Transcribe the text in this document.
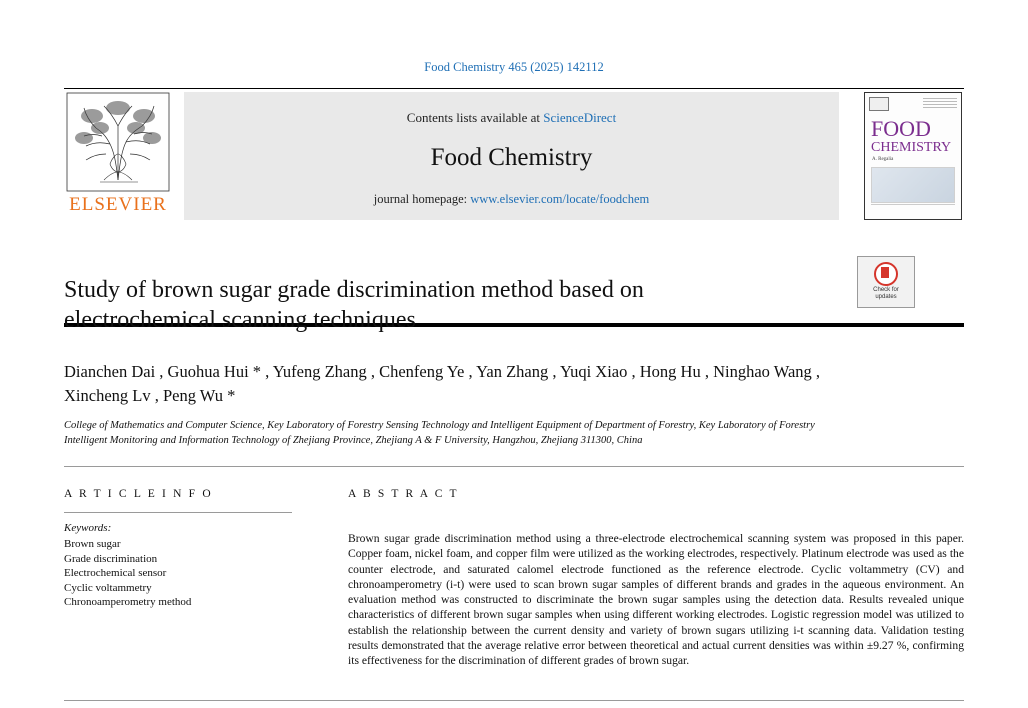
Food Chemistry 465 (2025) 142112
ELSEVIER
Contents lists available at ScienceDirect
Food Chemistry
journal homepage: www.elsevier.com/locate/foodchem
FOOD
CHEMISTRY
A. Regalia
Check for
updates
Study of brown sugar grade discrimination method based on electrochemical scanning techniques
Dianchen Dai , Guohua Hui * , Yufeng Zhang , Chenfeng Ye , Yan Zhang , Yuqi Xiao , Hong Hu , Ninghao Wang , Xincheng Lv , Peng Wu *
College of Mathematics and Computer Science, Key Laboratory of Forestry Sensing Technology and Intelligent Equipment of Department of Forestry, Key Laboratory of Forestry Intelligent Monitoring and Information Technology of Zhejiang Province, Zhejiang A & F University, Hangzhou, Zhejiang 311300, China
A R T I C L E I N F O
Keywords:
Brown sugar
Grade discrimination
Electrochemical sensor
Cyclic voltammetry
Chronoamperometry method
A B S T R A C T
Brown sugar grade discrimination method using a three-electrode electrochemical scanning system was proposed in this paper. Copper foam, nickel foam, and copper film were utilized as the working electrodes, respectively. Platinum electrode was used as the counter electrode, and saturated calomel electrode functioned as the reference electrode. Cyclic voltammetry (CV) and chronoamperometry (i-t) were used to scan brown sugar samples of different brands and grades in the aqueous environment. An evaluation method was constructed to discriminate the brown sugar samples using the detection data. Results revealed unique characteristics of different brown sugar samples when using different working electrodes. Logistic regression model was utilized to establish the relationship between the current density and variety of brown sugars utilizing i-t scanning data. Validation testing results demonstrated that the average relative error between theoretical and actual current densities was within ±9.27 %, confirming its effectiveness for the discrimination of different grades of brown sugar.
